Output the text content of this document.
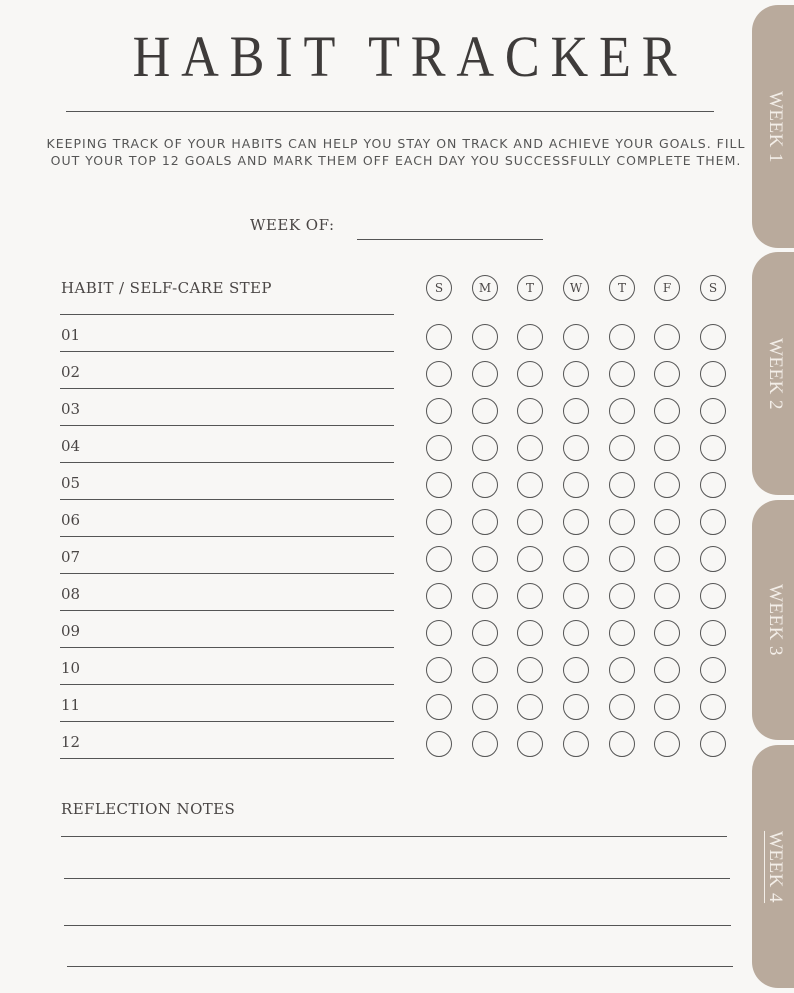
HABIT TRACKER
KEEPING TRACK OF YOUR HABITS CAN HELP YOU STAY ON TRACK AND ACHIEVE YOUR GOALS. FILL OUT YOUR TOP 12 GOALS AND MARK THEM OFF EACH DAY YOU SUCCESSFULLY COMPLETE THEM.
WEEK OF:
HABIT / SELF-CARE STEP	S	M	T	W	T	F	S
01
02
03
04
05
06
07
08
09
10
11
12
REFLECTION NOTES
WEEK 1
WEEK 2
WEEK 3
WEEK 4
